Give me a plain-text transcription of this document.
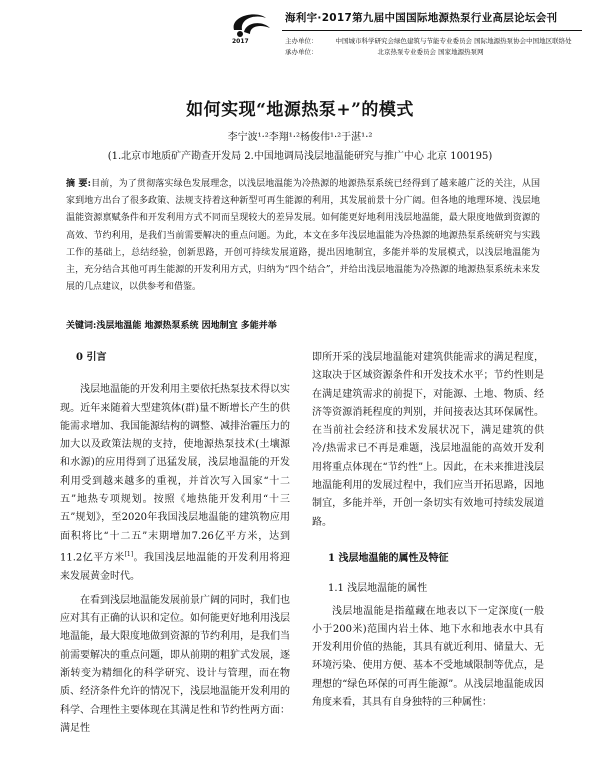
2017
海利宇·2017第九届中国国际地源热泵行业高层论坛会刊
主办单位：	中国城市科学研究会绿色建筑与节能专业委员会 国际地源热泵协会中国地区联络处
承办单位：	北京热泵专业委员会 国家地源热泵网
如何实现“地源热泵+”的模式
李宁波¹·²李翔¹·²杨俊伟¹·²于湛¹·²
(1.北京市地质矿产勘查开发局 2.中国地调局浅层地温能研究与推广中心 北京 100195)
摘 要:目前，为了贯彻落实绿色发展理念，以浅层地温能为冷热源的地源热泵系统已经得到了越来越广泛的关注，从国家到地方出台了很多政策、法规支持着这种新型可再生能源的利用，其发展前景十分广阔。但各地的地理环境、浅层地温能资源禀赋条件和开发利用方式不同而呈现较大的差异发展。如何能更好地利用浅层地温能，最大限度地做到资源的高效、节约利用，是我们当前需要解决的重点问题。为此，本文在多年浅层地温能为冷热源的地源热泵系统研究与实践工作的基础上，总结经验，创新思路，开创可持续发展道路，提出因地制宜，多能并举的发展模式，以浅层地温能为主，充分结合其他可再生能源的开发利用方式，归纳为“四个结合”，并给出浅层地温能为冷热源的地源热泵系统未来发展的几点建议，以供参考和借鉴。
关键词:浅层地温能 地源热泵系统 因地制宜 多能并举

0 引言

浅层地温能的开发利用主要依托热泵技术得以实现。近年来随着大型建筑体(群)量不断增长产生的供能需求增加、我国能源结构的调整、减排治霾压力的加大以及政策法规的支持，使地源热泵技术(土壤源和水源)的应用得到了迅猛发展，浅层地温能的开发利用受到越来越多的重视，并首次写入国家“十二五”地热专项规划。按照《地热能开发利用“十三五”规划》，至2020年我国浅层地温能的建筑物应用面积将比“十二五”末期增加7.26亿平方米，达到11.2亿平方米[1]。我国浅层地温能的开发利用将迎来发展黄金时代。

在看到浅层地温能发展前景广阔的同时，我们也应对其有正确的认识和定位。如何能更好地利用浅层地温能，最大限度地做到资源的节约利用，是我们当前需要解决的重点问题，即从前期的粗犷式发展，逐渐转变为精细化的科学研究、设计与管理，而在物质、经济条件允许的情况下，浅层地温能开发利用的科学、合理性主要体现在其满足性和节约性两方面：满足性

即所开采的浅层地温能对建筑供能需求的满足程度，这取决于区域资源条件和开发技术水平；节约性则是在满足建筑需求的前提下，对能源、土地、物质、经济等资源消耗程度的判别，并间接表达其环保属性。在当前社会经济和技术发展状况下，满足建筑的供冷/热需求已不再是难题，浅层地温能的高效开发利用将重点体现在“节约性”上。因此，在未来推进浅层地温能利用的发展过程中，我们应当开拓思路，因地制宜，多能并举，开创一条切实有效地可持续发展道路。

1 浅层地温能的属性及特征

1.1 浅层地温能的属性

浅层地温能是指蕴藏在地表以下一定深度(一般小于200米)范围内岩土体、地下水和地表水中具有开发利用价值的热能，其具有就近利用、储量大、无环境污染、使用方便、基本不受地域限制等优点，是理想的“绿色环保的可再生能源”。从浅层地温能成因角度来看，其具有自身独特的三种属性：
